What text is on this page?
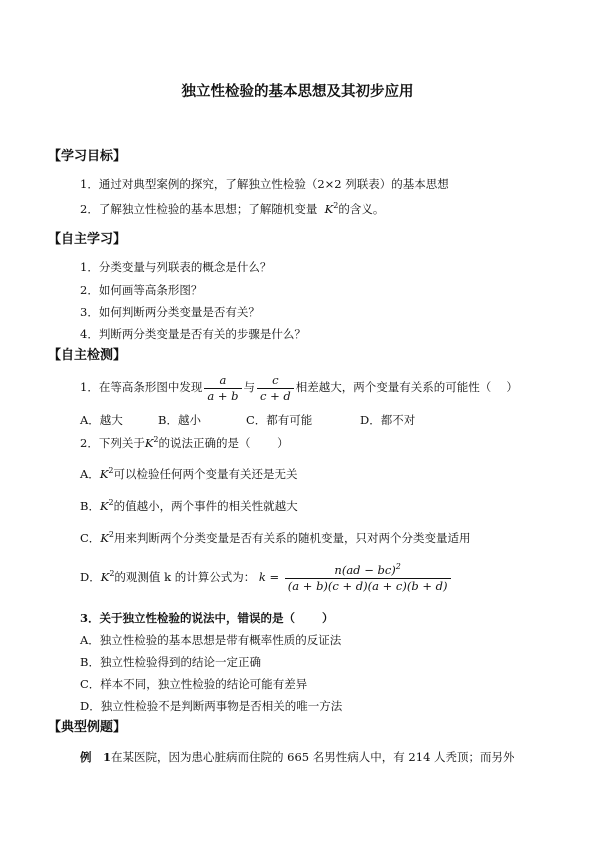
独立性检验的基本思想及其初步应用
【学习目标】
1．通过对典型案例的探究，了解独立性检验（2×2 列联表）的基本思想
2．了解独立性检验的基本思想；了解随机变量 $K^2$的含义。
【自主学习】
1．分类变量与列联表的概念是什么？
2．如何画等高条形图？
3．如何判断两分类变量是否有关？
4．判断两分类变量是否有关的步骤是什么？
【自主检测】
1．在等高条形图中发现 $\frac{a}{a + b}$ 与 $\frac{c}{c + d}$ 相差越大，两个变量有关系的可能性（　 ）
A．越大	B．越小	C．都有可能	D．都不对
2．下列关于$K^2$的说法正确的是（　　 ）
A．$K^2$可以检验任何两个变量有关还是无关
B．$K^2$的值越小，两个事件的相关性就越大
C．$K^2$用来判断两个分类变量是否有关系的随机变量，只对两个分类变量适用
D．$K^2$的观测值 k 的计算公式为： $k = \frac{n(ad - bc)^2}{(a + b)(c + d)(a + c)(b + d)}$
3．关于独立性检验的说法中，错误的是（　　 ）
A．独立性检验的基本思想是带有概率性质的反证法
B．独立性检验得到的结论一定正确
C．样本不同，独立性检验的结论可能有差异
D．独立性检验不是判断两事物是否相关的唯一方法
【典型例题】
例　1在某医院，因为患心脏病而住院的 665 名男性病人中，有 214 人秃顶；而另外
